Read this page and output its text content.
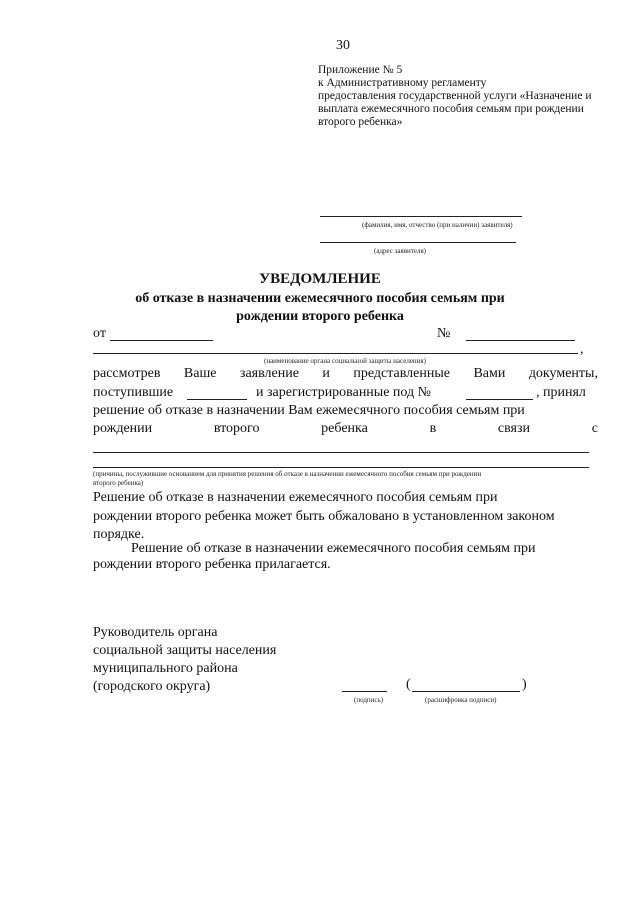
30
Приложение № 5
к Административному регламенту
предоставления государственной услуги «Назначение и
выплата ежемесячного пособия семьям при рождении
второго ребенка»
(фамилия, имя, отчество (при наличии) заявителя)
(адрес заявителя)
УВЕДОМЛЕНИЕ
об отказе в назначении ежемесячного пособия семьям при
рождении второго ребенка
от	№
,
(наименование органа социальной защиты населения)
рассмотрев Ваше заявление и представленные Вами документы,
поступившие	и зарегистрированные под №	, принял
решение об отказе в назначении Вам ежемесячного пособия семьям при
рождении	второго	ребенка	в	связи	с
(причины, послужившие основанием для принятия решения об отказе в назначении ежемесячного пособия семьям при рождении
второго ребенка)
Решение об отказе в назначении ежемесячного пособия семьям при
рождении второго ребенка может быть обжаловано в установленном законом
порядке.
Решение об отказе в назначении ежемесячного пособия семьям при
рождении второго ребенка прилагается.
Руководитель органа
социальной защиты населения
муниципального района
(городского округа)	(	)
(подпись)	(расшифровка подписи)
